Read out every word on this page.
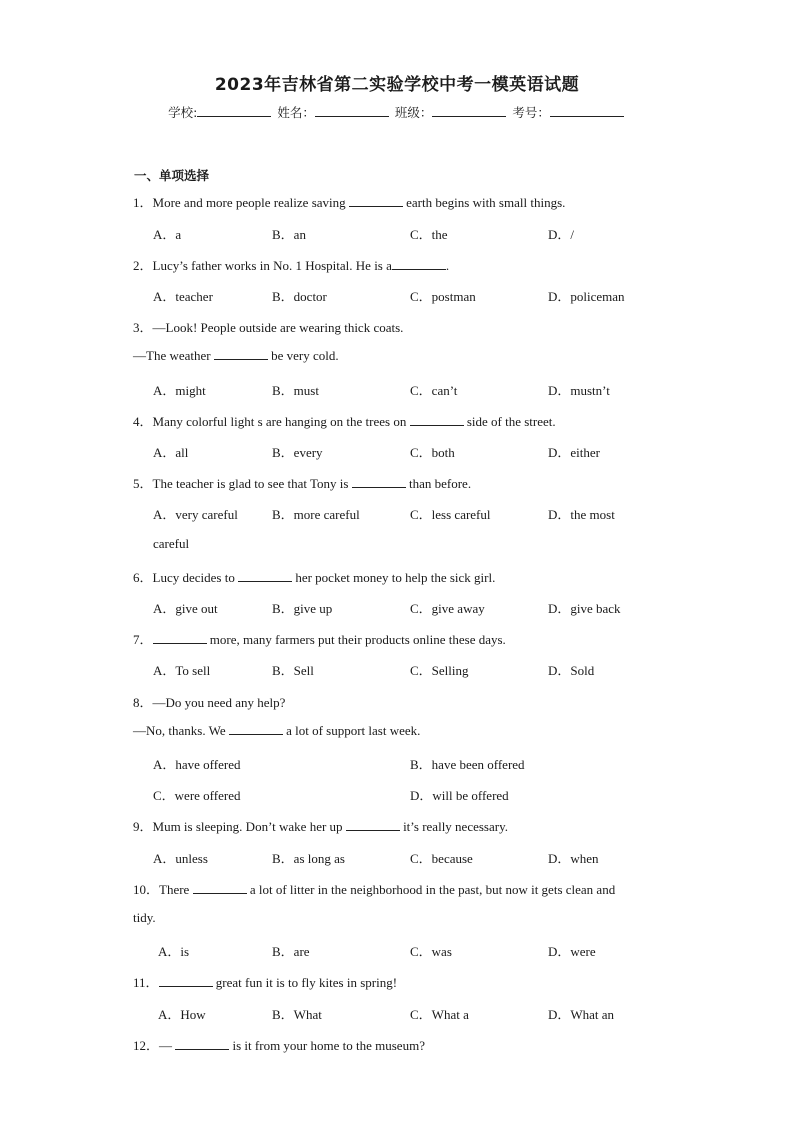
2023年吉林省第二实验学校中考一模英语试题
学校:	姓名：	班级：	考号：
一、单项选择
1．More and more people realize saving	earth begins with small things.
A．a	B．an	C．the	D．/
2．Lucy’s father works in No. 1 Hospital. He is a	.
A．teacher	B．doctor	C．postman	D．policeman
3．—Look! People outside are wearing thick coats.
—The weather	be very cold.
A．might	B．must	C．can’t	D．mustn’t
4．Many colorful light s are hanging on the trees on	side of the street.
A．all	B．every	C．both	D．either
5．The teacher is glad to see that Tony is	than before.
A．very careful	B．more careful	C．less careful	D．the most
careful
6．Lucy decides to	her pocket money to help the sick girl.
A．give out	B．give up	C．give away	D．give back
7．	more, many farmers put their products online these days.
A．To sell	B．Sell	C．Selling	D．Sold
8．—Do you need any help?
—No, thanks. We	a lot of support last week.
A．have offered	B．have been offered
C．were offered	D．will be offered
9．Mum is sleeping. Don’t wake her up	it’s really necessary.
A．unless	B．as long as	C．because	D．when
10．There	a lot of litter in the neighborhood in the past, but now it gets clean and
tidy.
A．is	B．are	C．was	D．were
11．	great fun it is to fly kites in spring!
A．How	B．What	C．What a	D．What an
12．—	is it from your home to the museum?
